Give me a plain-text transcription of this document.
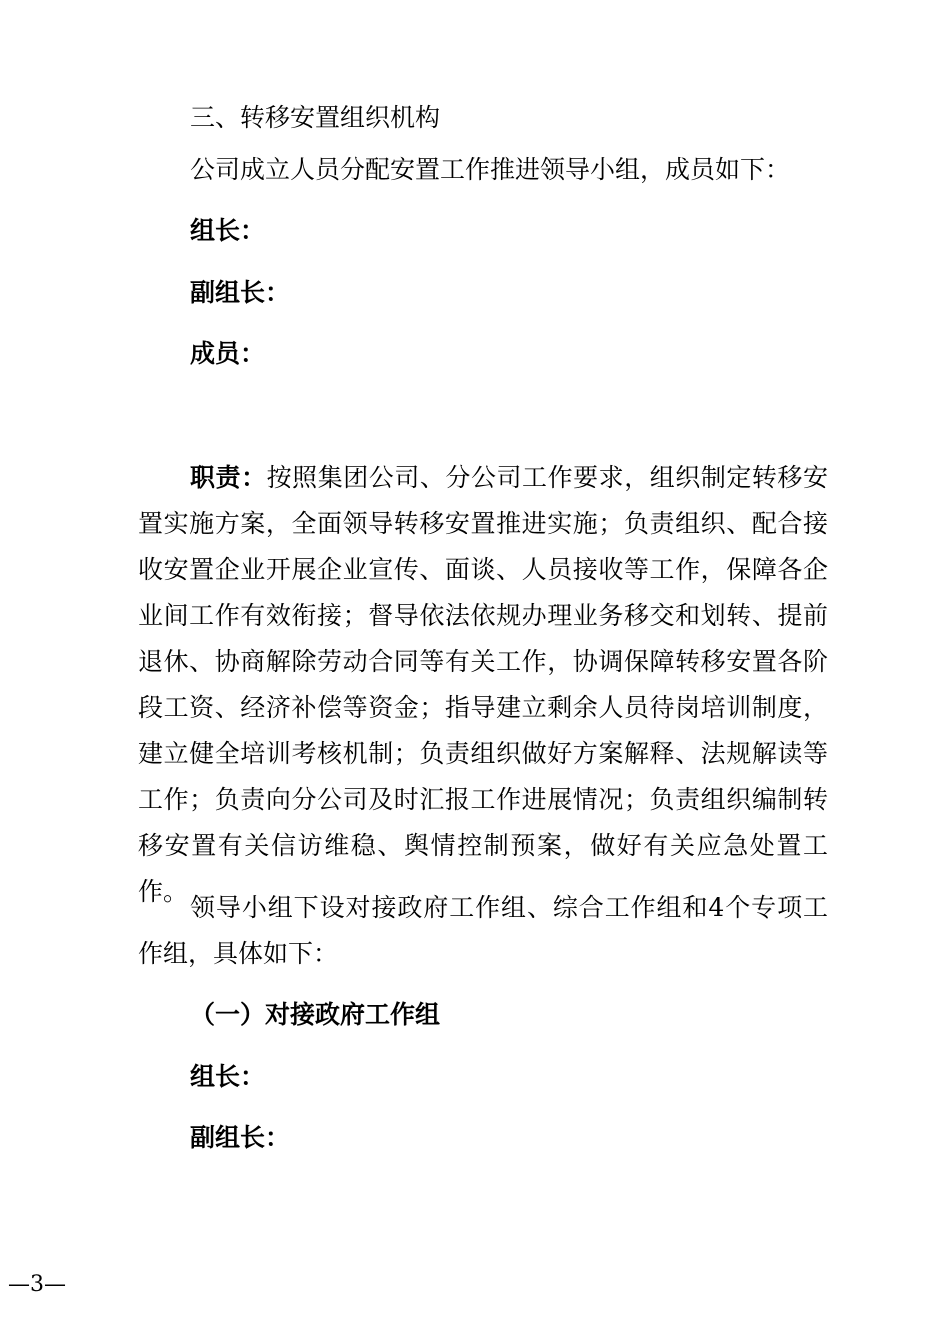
三、转移安置组织机构
公司成立人员分配安置工作推进领导小组，成员如下：
组长：
副组长：
成员：
职责：按照集团公司、分公司工作要求，组织制定转移安置实施方案，全面领导转移安置推进实施；负责组织、配合接收安置企业开展企业宣传、面谈、人员接收等工作，保障各企业间工作有效衔接；督导依法依规办理业务移交和划转、提前退休、协商解除劳动合同等有关工作，协调保障转移安置各阶段工资、经济补偿等资金；指导建立剩余人员待岗培训制度，建立健全培训考核机制；负责组织做好方案解释、法规解读等工作；负责向分公司及时汇报工作进展情况；负责组织编制转移安置有关信访维稳、舆情控制预案，做好有关应急处置工作。
领导小组下设对接政府工作组、综合工作组和4个专项工作组，具体如下：
（一）对接政府工作组
组长：
副组长：
—3—
